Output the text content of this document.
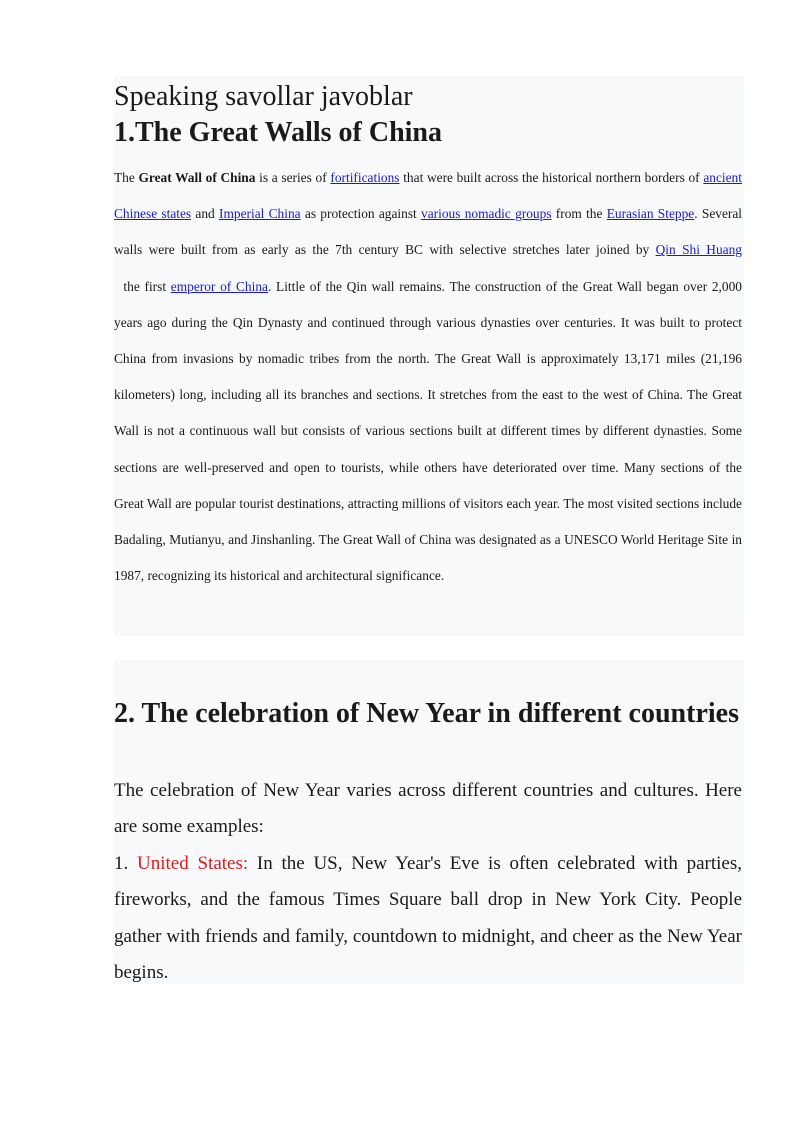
Speaking savollar javoblar
1.The Great Walls of China

The Great Wall of China is a series of fortifications that were built across the historical northern borders of ancient Chinese states and Imperial China as protection against various nomadic groups from the Eurasian Steppe. Several walls were built from as early as the 7th century BC with selective stretches later joined by Qin Shi Huang  the first emperor of China. Little of the Qin wall remains. The construction of the Great Wall began over 2,000 years ago during the Qin Dynasty and continued through various dynasties over centuries. It was built to protect China from invasions by nomadic tribes from the north. The Great Wall is approximately 13,171 miles (21,196 kilometers) long, including all its branches and sections. It stretches from the east to the west of China. The Great Wall is not a continuous wall but consists of various sections built at different times by different dynasties. Some sections are well-preserved and open to tourists, while others have deteriorated over time. Many sections of the Great Wall are popular tourist destinations, attracting millions of visitors each year. The most visited sections include Badaling, Mutianyu, and Jinshanling. The Great Wall of China was designated as a UNESCO World Heritage Site in 1987, recognizing its historical and architectural significance.

2. The celebration of New Year in different countries
The celebration of New Year varies across different countries and cultures. Here are some examples:
1. United States: In the US, New Year's Eve is often celebrated with parties, fireworks, and the famous Times Square ball drop in New York City. People gather with friends and family, countdown to midnight, and cheer as the New Year begins.
